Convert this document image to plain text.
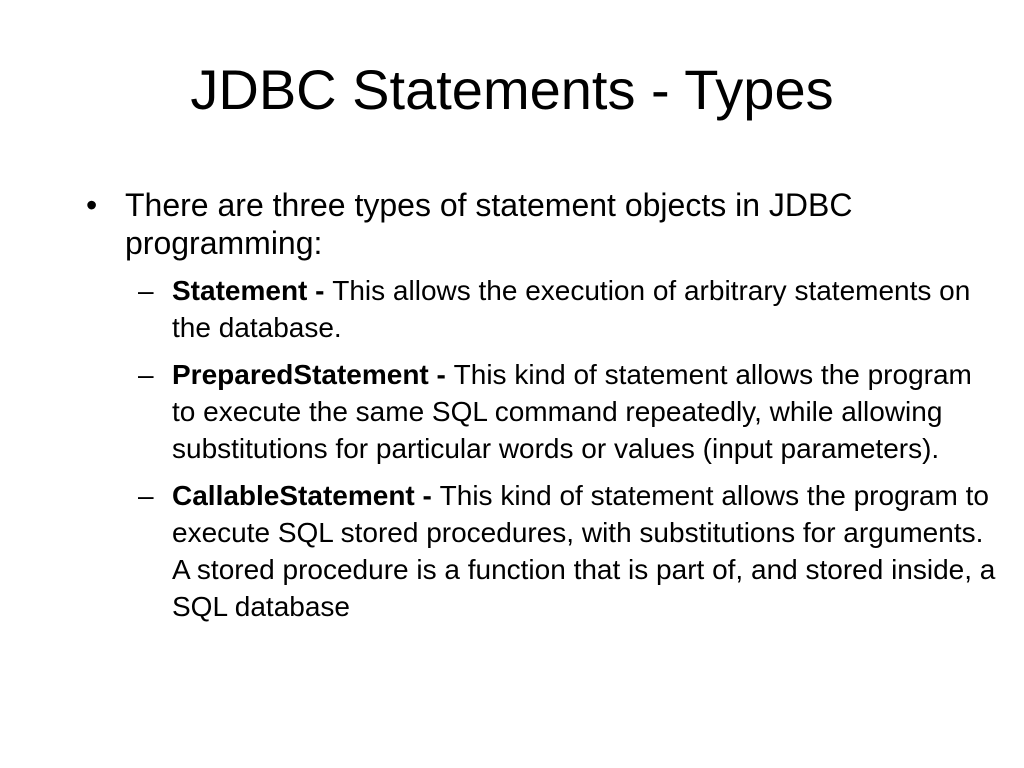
JDBC Statements - Types
• There are three types of statement objects in JDBC programming:
– Statement - This allows the execution of arbitrary statements on the database.
– PreparedStatement - This kind of statement allows the program to execute the same SQL command repeatedly, while allowing substitutions for particular words or values (input parameters).
– CallableStatement - This kind of statement allows the program to execute SQL stored procedures, with substitutions for arguments. A stored procedure is a function that is part of, and stored inside, a SQL database
